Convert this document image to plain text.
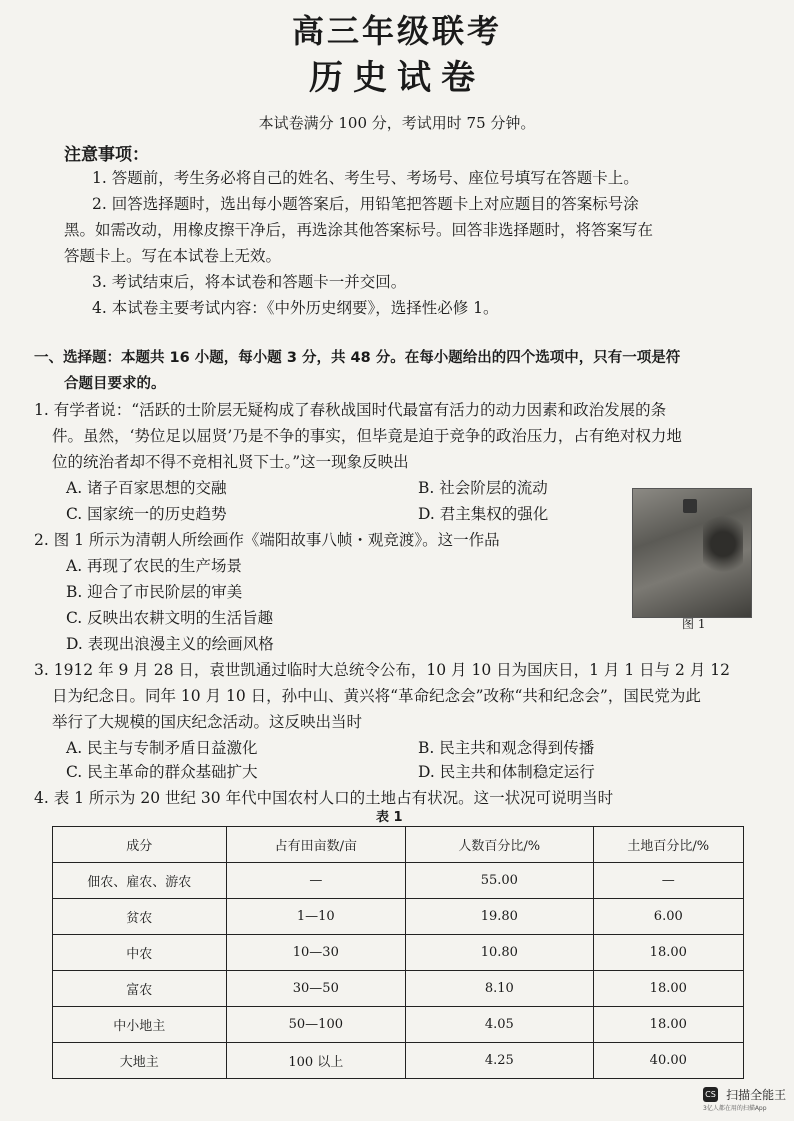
高三年级联考
历史试卷
本试卷满分 100 分，考试用时 75 分钟。
注意事项：
1. 答题前，考生务必将自己的姓名、考生号、考场号、座位号填写在答题卡上。
2. 回答选择题时，选出每小题答案后，用铅笔把答题卡上对应题目的答案标号涂
黑。如需改动，用橡皮擦干净后，再选涂其他答案标号。回答非选择题时，将答案写在
答题卡上。写在本试卷上无效。
3. 考试结束后，将本试卷和答题卡一并交回。
4. 本试卷主要考试内容：《中外历史纲要》，选择性必修 1。
一、选择题：本题共 16 小题，每小题 3 分，共 48 分。在每小题给出的四个选项中，只有一项是符
合题目要求的。
1. 有学者说：“活跃的士阶层无疑构成了春秋战国时代最富有活力的动力因素和政治发展的条
件。虽然，‘势位足以屈贤’乃是不争的事实，但毕竟是迫于竞争的政治压力，占有绝对权力地
位的统治者却不得不竞相礼贤下士。”这一现象反映出
A. 诸子百家思想的交融	B. 社会阶层的流动
C. 国家统一的历史趋势	D. 君主集权的强化
2. 图 1 所示为清朝人所绘画作《端阳故事八帧・观竞渡》。这一作品
A. 再现了农民的生产场景
B. 迎合了市民阶层的审美
C. 反映出农耕文明的生活旨趣
D. 表现出浪漫主义的绘画风格
图 1
3. 1912 年 9 月 28 日，袁世凯通过临时大总统令公布，10 月 10 日为国庆日，1 月 1 日与 2 月 12
日为纪念日。同年 10 月 10 日，孙中山、黄兴将“革命纪念会”改称“共和纪念会”，国民党为此
举行了大规模的国庆纪念活动。这反映出当时
A. 民主与专制矛盾日益激化	B. 民主共和观念得到传播
C. 民主革命的群众基础扩大	D. 民主共和体制稳定运行
4. 表 1 所示为 20 世纪 30 年代中国农村人口的土地占有状况。这一状况可说明当时
表 1
成分	占有田亩数/亩	人数百分比/%	土地百分比/%
佃农、雇农、游农	—	55.00	—
贫农	1—10	19.80	6.00
中农	10—30	10.80	18.00
富农	30—50	8.10	18.00
中小地主	50—100	4.05	18.00
大地主	100 以上	4.25	40.00
CS 扫描全能王
3亿人都在用的扫描App
